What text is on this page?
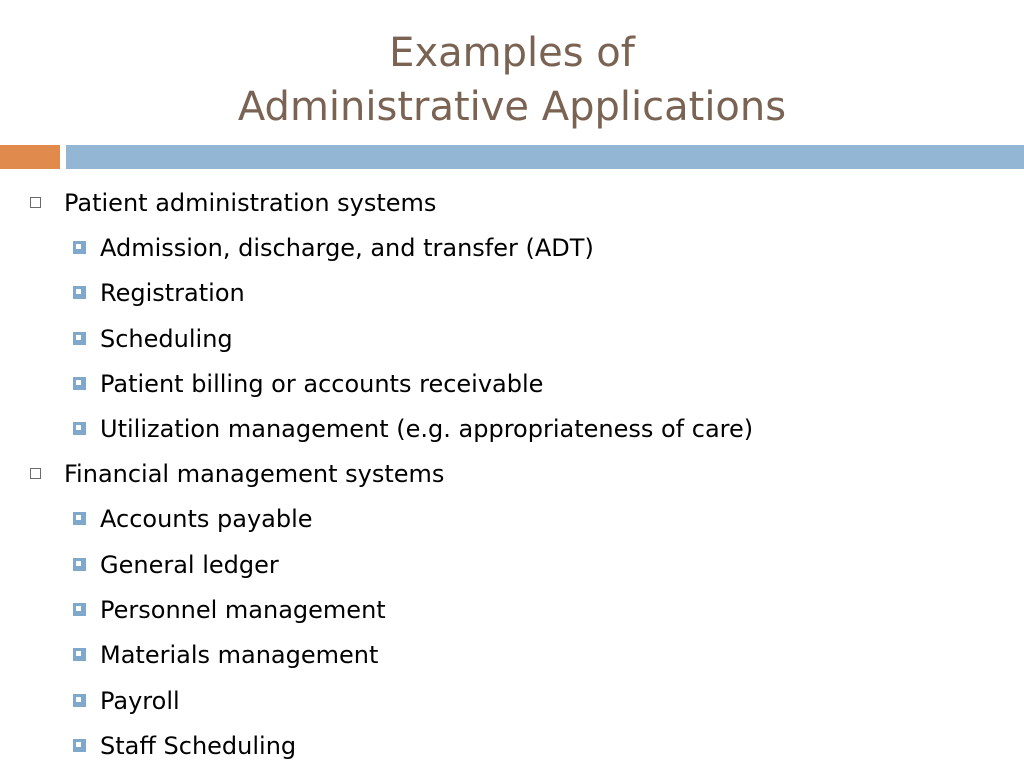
Examples of
Administrative Applications
Patient administration systems
Admission, discharge, and transfer (ADT)
Registration
Scheduling
Patient billing or accounts receivable
Utilization management (e.g. appropriateness of care)
Financial management systems
Accounts payable
General ledger
Personnel management
Materials management
Payroll
Staff Scheduling
